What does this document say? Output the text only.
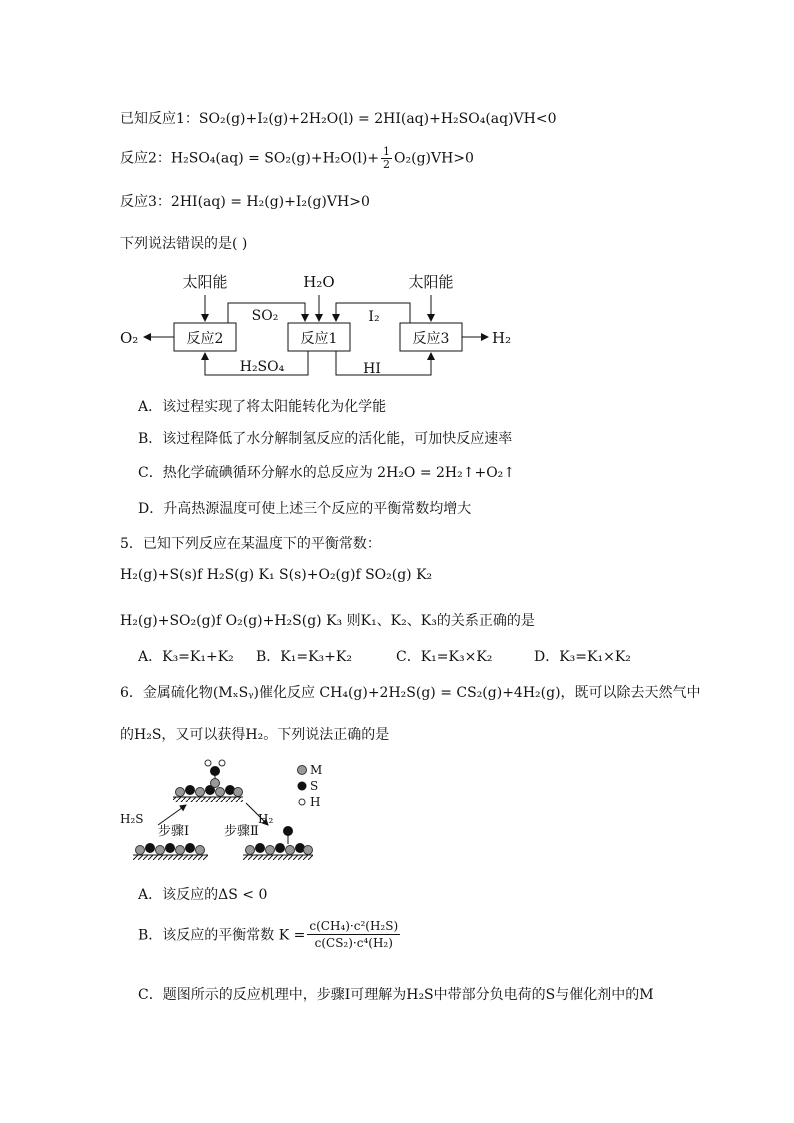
已知反应1：SO₂(g)+I₂(g)+2H₂O(l) = 2HI(aq)+H₂SO₄(aq)VH<0
反应2：$H_2SO_4(aq) = SO_2(g)+H_2O(l)+ \frac{1}{2} O_2(g)VH>0$
反应3：2HI(aq) = H₂(g)+I₂(g)VH>0
下列说法错误的是( )
反应2	反应1	反应3
太阳能	H₂O	太阳能
SO₂	I₂
O₂	H₂
H₂SO₄	HI
A．该过程实现了将太阳能转化为化学能
B．该过程降低了水分解制氢反应的活化能，可加快反应速率
C．热化学硫碘循环分解水的总反应为 2H₂O = 2H₂↑+O₂↑
D．升高热源温度可使上述三个反应的平衡常数均增大
5．已知下列反应在某温度下的平衡常数：
H₂(g)+S(s)f H₂S(g) K₁ S(s)+O₂(g)f SO₂(g) K₂
H₂(g)+SO₂(g)f O₂(g)+H₂S(g) K₃ 则K₁、K₂、K₃的关系正确的是
A．K₃=K₁+K₂ B．K₁=K₃+K₂	C．K₁=K₃×K₂	D．K₃=K₁×K₂
6．金属硫化物(MₓSᵧ)催化反应 CH₄(g)+2H₂S(g) = CS₂(g)+4H₂(g)，既可以除去天然气中
的H₂S，又可以获得H₂。下列说法正确的是
H₂S	H₂
步骤Ⅰ	步骤Ⅱ
M
S
H
A．该反应的ΔS < 0
B．该反应的平衡常数 $K = \frac{\text{c(CH₄)·c²(H₂S)}}{\text{c(CS₂)·c⁴(H₂)}}$
C．题图所示的反应机理中，步骤Ⅰ可理解为H₂S中带部分负电荷的S与催化剂中的M
